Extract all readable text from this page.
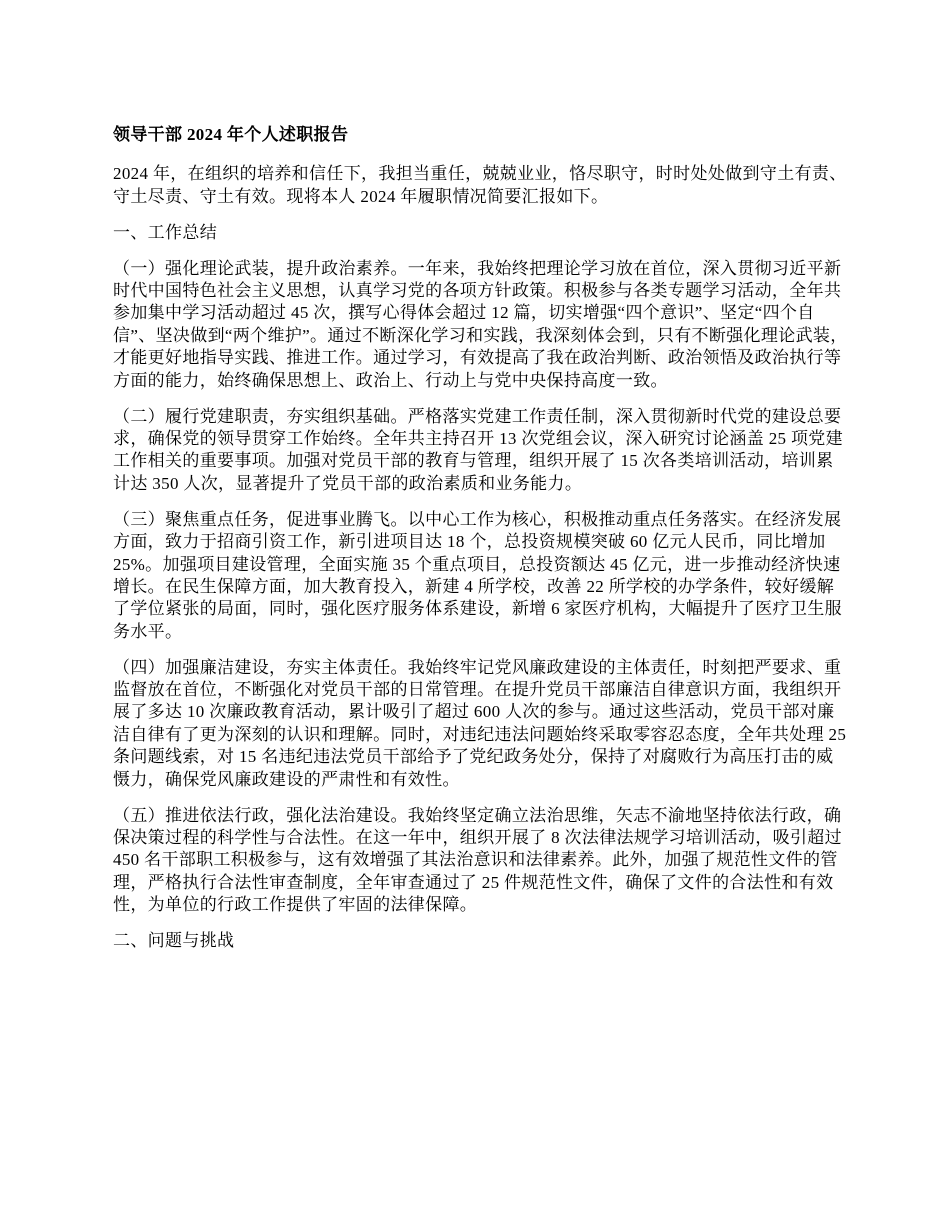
领导干部 2024 年个人述职报告

2024 年，在组织的培养和信任下，我担当重任，兢兢业业，恪尽职守，时时处处做到守土有责、守土尽责、守土有效。现将本人 2024 年履职情况简要汇报如下。

一、工作总结

（一）强化理论武装，提升政治素养。一年来，我始终把理论学习放在首位，深入贯彻习近平新时代中国特色社会主义思想，认真学习党的各项方针政策。积极参与各类专题学习活动，全年共参加集中学习活动超过 45 次，撰写心得体会超过 12 篇，切实增强“四个意识”、坚定“四个自信”、坚决做到“两个维护”。通过不断深化学习和实践，我深刻体会到，只有不断强化理论武装，才能更好地指导实践、推进工作。通过学习，有效提高了我在政治判断、政治领悟及政治执行等方面的能力，始终确保思想上、政治上、行动上与党中央保持高度一致。

（二）履行党建职责，夯实组织基础。严格落实党建工作责任制，深入贯彻新时代党的建设总要求，确保党的领导贯穿工作始终。全年共主持召开 13 次党组会议，深入研究讨论涵盖 25 项党建工作相关的重要事项。加强对党员干部的教育与管理，组织开展了 15 次各类培训活动，培训累计达 350 人次，显著提升了党员干部的政治素质和业务能力。

（三）聚焦重点任务，促进事业腾飞。以中心工作为核心，积极推动重点任务落实。在经济发展方面，致力于招商引资工作，新引进项目达 18 个，总投资规模突破 60 亿元人民币，同比增加 25%。加强项目建设管理，全面实施 35 个重点项目，总投资额达 45 亿元，进一步推动经济快速增长。在民生保障方面，加大教育投入，新建 4 所学校，改善 22 所学校的办学条件，较好缓解了学位紧张的局面，同时，强化医疗服务体系建设，新增 6 家医疗机构，大幅提升了医疗卫生服务水平。

（四）加强廉洁建设，夯实主体责任。我始终牢记党风廉政建设的主体责任，时刻把严要求、重监督放在首位，不断强化对党员干部的日常管理。在提升党员干部廉洁自律意识方面，我组织开展了多达 10 次廉政教育活动，累计吸引了超过 600 人次的参与。通过这些活动，党员干部对廉洁自律有了更为深刻的认识和理解。同时，对违纪违法问题始终采取零容忍态度，全年共处理 25 条问题线索，对 15 名违纪违法党员干部给予了党纪政务处分，保持了对腐败行为高压打击的威慑力，确保党风廉政建设的严肃性和有效性。

（五）推进依法行政，强化法治建设。我始终坚定确立法治思维，矢志不渝地坚持依法行政，确保决策过程的科学性与合法性。在这一年中，组织开展了 8 次法律法规学习培训活动，吸引超过 450 名干部职工积极参与，这有效增强了其法治意识和法律素养。此外，加强了规范性文件的管理，严格执行合法性审查制度，全年审查通过了 25 件规范性文件，确保了文件的合法性和有效性，为单位的行政工作提供了牢固的法律保障。

二、问题与挑战
